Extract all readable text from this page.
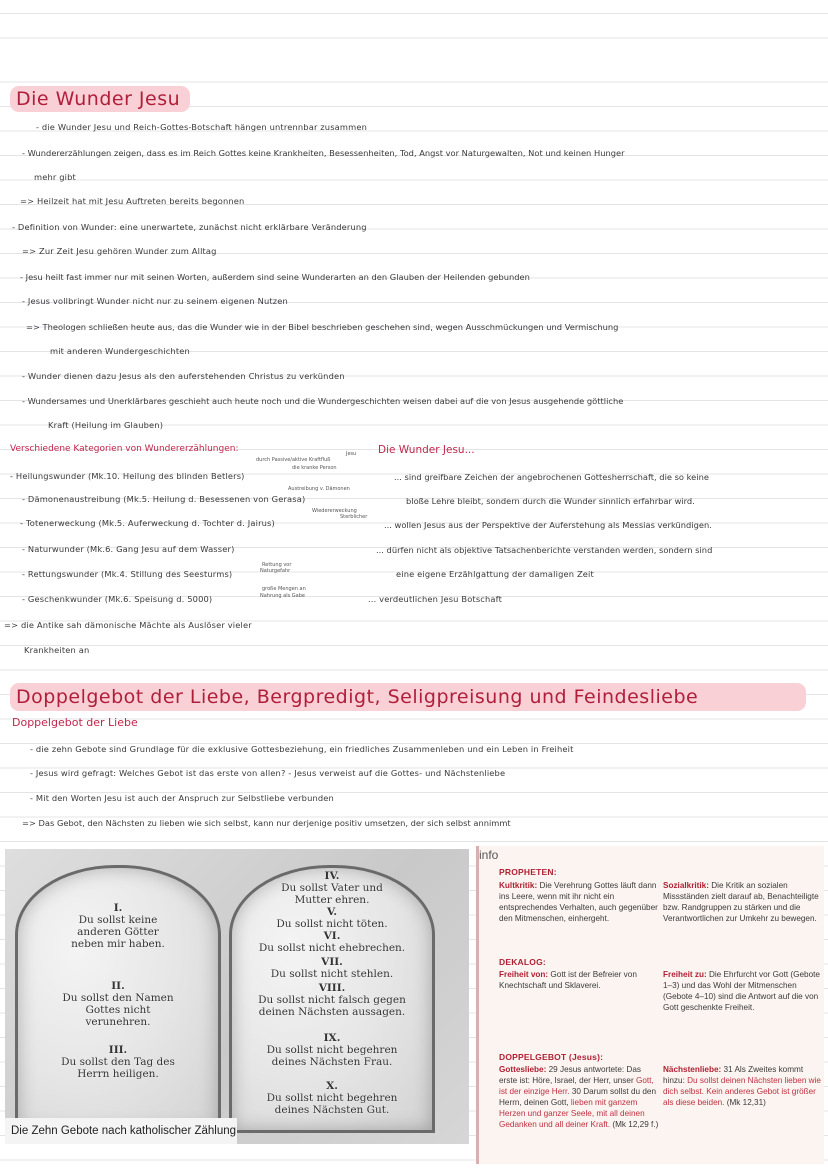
Die Wunder Jesu
- die Wunder Jesu und Reich-Gottes-Botschaft hängen untrennbar zusammen
- Wundererzählungen zeigen, dass es im Reich Gottes keine Krankheiten, Besessenheiten, Tod, Angst vor Naturgewalten, Not und keinen Hunger
mehr gibt
=> Heilzeit hat mit Jesu Auftreten bereits begonnen
- Definition von Wunder: eine unerwartete, zunächst nicht erklärbare Veränderung
=> Zur Zeit Jesu gehören Wunder zum Alltag
- Jesu heilt fast immer nur mit seinen Worten, außerdem sind seine Wunderarten an den Glauben der Heilenden gebunden
- Jesus vollbringt Wunder nicht nur zu seinem eigenen Nutzen
=> Theologen schließen heute aus, das die Wunder wie in der Bibel beschrieben geschehen sind, wegen Ausschmückungen und Vermischung
mit anderen Wundergeschichten
- Wunder dienen dazu Jesus als den auferstehenden Christus zu verkünden
- Wundersames und Unerklärbares geschieht auch heute noch und die Wundergeschichten weisen dabei auf die von Jesus ausgehende göttliche
Kraft (Heilung im Glauben)
Verschiedene Kategorien von Wundererzählungen:	Die Wunder Jesu...
- Heilungswunder (Mk.10. Heilung des blinden Betlers)
- Dämonenaustreibung (Mk.5. Heilung d. Besessenen von Gerasa)
- Totenerweckung (Mk.5. Auferweckung d. Tochter d. Jairus)
- Naturwunder (Mk.6. Gang Jesu auf dem Wasser)
- Rettungswunder (Mk.4. Stillung des Seesturms)
- Geschenkwunder (Mk.6. Speisung d. 5000)
Jesu
durch Passive/aktive Kraftfluß
die kranke Person
Austreibung v. Dämonen
Wiedererweckung
Sterblicher
Rettung vor
Naturgefahr
große Mengen an
Nahrung als Gabe
... sind greifbare Zeichen der angebrochenen Gottesherrschaft, die so keine
bloße Lehre bleibt, sondern durch die Wunder sinnlich erfahrbar wird.
... wollen Jesus aus der Perspektive der Auferstehung als Messias verkündigen.
... dürfen nicht als objektive Tatsachenberichte verstanden werden, sondern sind
eine eigene Erzählgattung der damaligen Zeit
... verdeutlichen Jesu Botschaft
=> die Antike sah dämonische Mächte als Auslöser vieler
Krankheiten an
Doppelgebot der Liebe, Bergpredigt, Seligpreisung und Feindesliebe
Doppelgebot der Liebe
- die zehn Gebote sind Grundlage für die exklusive Gottesbeziehung, ein friedliches Zusammenleben und ein Leben in Freiheit
- Jesus wird gefragt: Welches Gebot ist das erste von allen? - Jesus verweist auf die Gottes- und Nächstenliebe
- Mit den Worten Jesu ist auch der Anspruch zur Selbstliebe verbunden
=> Das Gebot, den Nächsten zu lieben wie sich selbst, kann nur derjenige positiv umsetzen, der sich selbst annimmt
I.
Du sollst keine anderen Götter neben mir haben.
II.
Du sollst den Namen Gottes nicht verunehren.
III.
Du sollst den Tag des Herrn heiligen.
IV.
Du sollst Vater und Mutter ehren.
V.
Du sollst nicht töten.
VI.
Du sollst nicht ehebrechen.
VII.
Du sollst nicht stehlen.
VIII.
Du sollst nicht falsch gegen deinen Nächsten aussagen.
IX.
Du sollst nicht begehren deines Nächsten Frau.
X.
Du sollst nicht begehren deines Nächsten Gut.
Die Zehn Gebote nach katholischer Zählung
info
PROPHETEN:
Kultkritik: Die Verehrung Gottes läuft dann ins Leere, wenn mit ihr nicht ein entsprechendes Verhalten, auch gegenüber den Mitmenschen, einhergeht.
Sozialkritik: Die Kritik an sozialen Missständen zielt darauf ab, Benachteiligte bzw. Randgruppen zu stärken und die Verantwortlichen zur Umkehr zu bewegen.
DEKALOG:
Freiheit von: Gott ist der Befreier von Knechtschaft und Sklaverei.
Freiheit zu: Die Ehrfurcht vor Gott (Gebote 1–3) und das Wohl der Mitmenschen (Gebote 4–10) sind die Antwort auf die von Gott geschenkte Freiheit.
DOPPELGEBOT (Jesus):
Gottesliebe: 29 Jesus antwortete: Das erste ist: Höre, Israel, der Herr, unser Gott, ist der einzige Herr. 30 Darum sollst du den Herrn, deinen Gott, lieben mit ganzem Herzen und ganzer Seele, mit all deinen Gedanken und all deiner Kraft. (Mk 12,29 f.)
Nächstenliebe: 31 Als Zweites kommt hinzu: Du sollst deinen Nächsten lieben wie dich selbst. Kein anderes Gebot ist größer als diese beiden. (Mk 12,31)
